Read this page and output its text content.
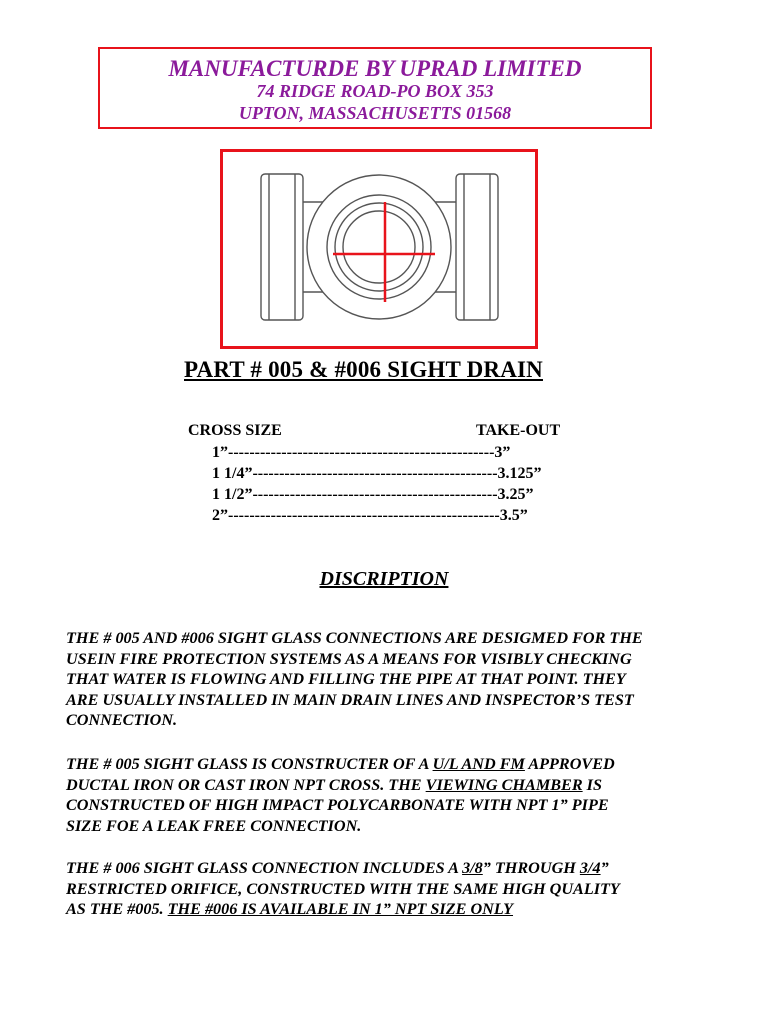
MANUFACTURDE BY UPRAD LIMITED
74 RIDGE ROAD-PO BOX 353
UPTON, MASSACHUSETTS 01568
PART # 005 & #006 SIGHT DRAIN
CROSS SIZE	TAKE-OUT
1”--------------------------------------------------3”
1 1/4”----------------------------------------------3.125”
1 1/2”----------------------------------------------3.25”
2”---------------------------------------------------3.5”
DISCRIPTION
THE # 005 AND #006 SIGHT GLASS CONNECTIONS ARE DESIGMED FOR THE
USEIN FIRE PROTECTION SYSTEMS AS A MEANS FOR VISIBLY CHECKING
THAT WATER IS FLOWING AND FILLING THE PIPE AT THAT POINT. THEY
ARE USUALLY INSTALLED IN MAIN DRAIN LINES AND INSPECTOR’S TEST
CONNECTION.
THE # 005 SIGHT GLASS IS CONSTRUCTER OF A U/L AND FM APPROVED
DUCTAL IRON OR CAST IRON NPT CROSS. THE VIEWING CHAMBER IS
CONSTRUCTED OF HIGH IMPACT POLYCARBONATE WITH NPT 1” PIPE
SIZE FOE A LEAK FREE CONNECTION.
THE # 006 SIGHT GLASS CONNECTION INCLUDES A 3/8” THROUGH 3/4”
RESTRICTED ORIFICE, CONSTRUCTED WITH THE SAME HIGH QUALITY
AS THE #005. THE #006 IS AVAILABLE IN 1” NPT SIZE ONLY
